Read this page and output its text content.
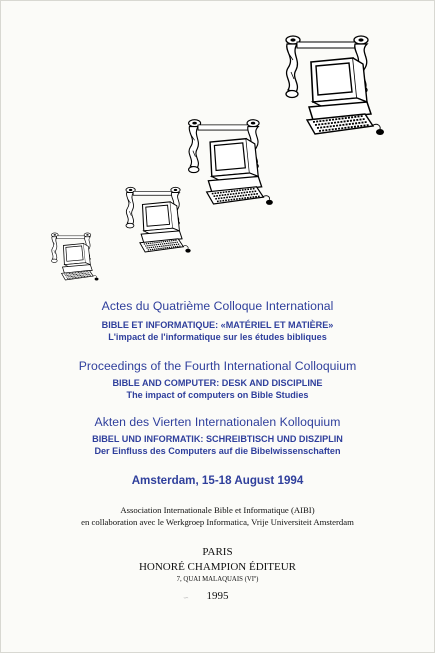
Actes du Quatrième Colloque International
BIBLE ET INFORMATIQUE: «MATÉRIEL ET MATIÈRE»
L'impact de l'informatique sur les études bibliques
Proceedings of the Fourth International Colloquium
BIBLE AND COMPUTER: DESK AND DISCIPLINE
The impact of computers on Bible Studies
Akten des Vierten Internationalen Kolloquium
BIBEL UND INFORMATIK: SCHREIBTISCH UND DISZIPLIN
Der Einfluss des Computers auf die Bibelwissenschaften
Amsterdam, 15-18 August 1994
Association Internationale Bible et Informatique (AIBI)
en collaboration avec le Werkgroep Informatica, Vrije Universiteit Amsterdam
PARIS
HONORÉ CHAMPION ÉDITEUR
7, QUAI MALAQUAIS (VIº)
∽	1995
